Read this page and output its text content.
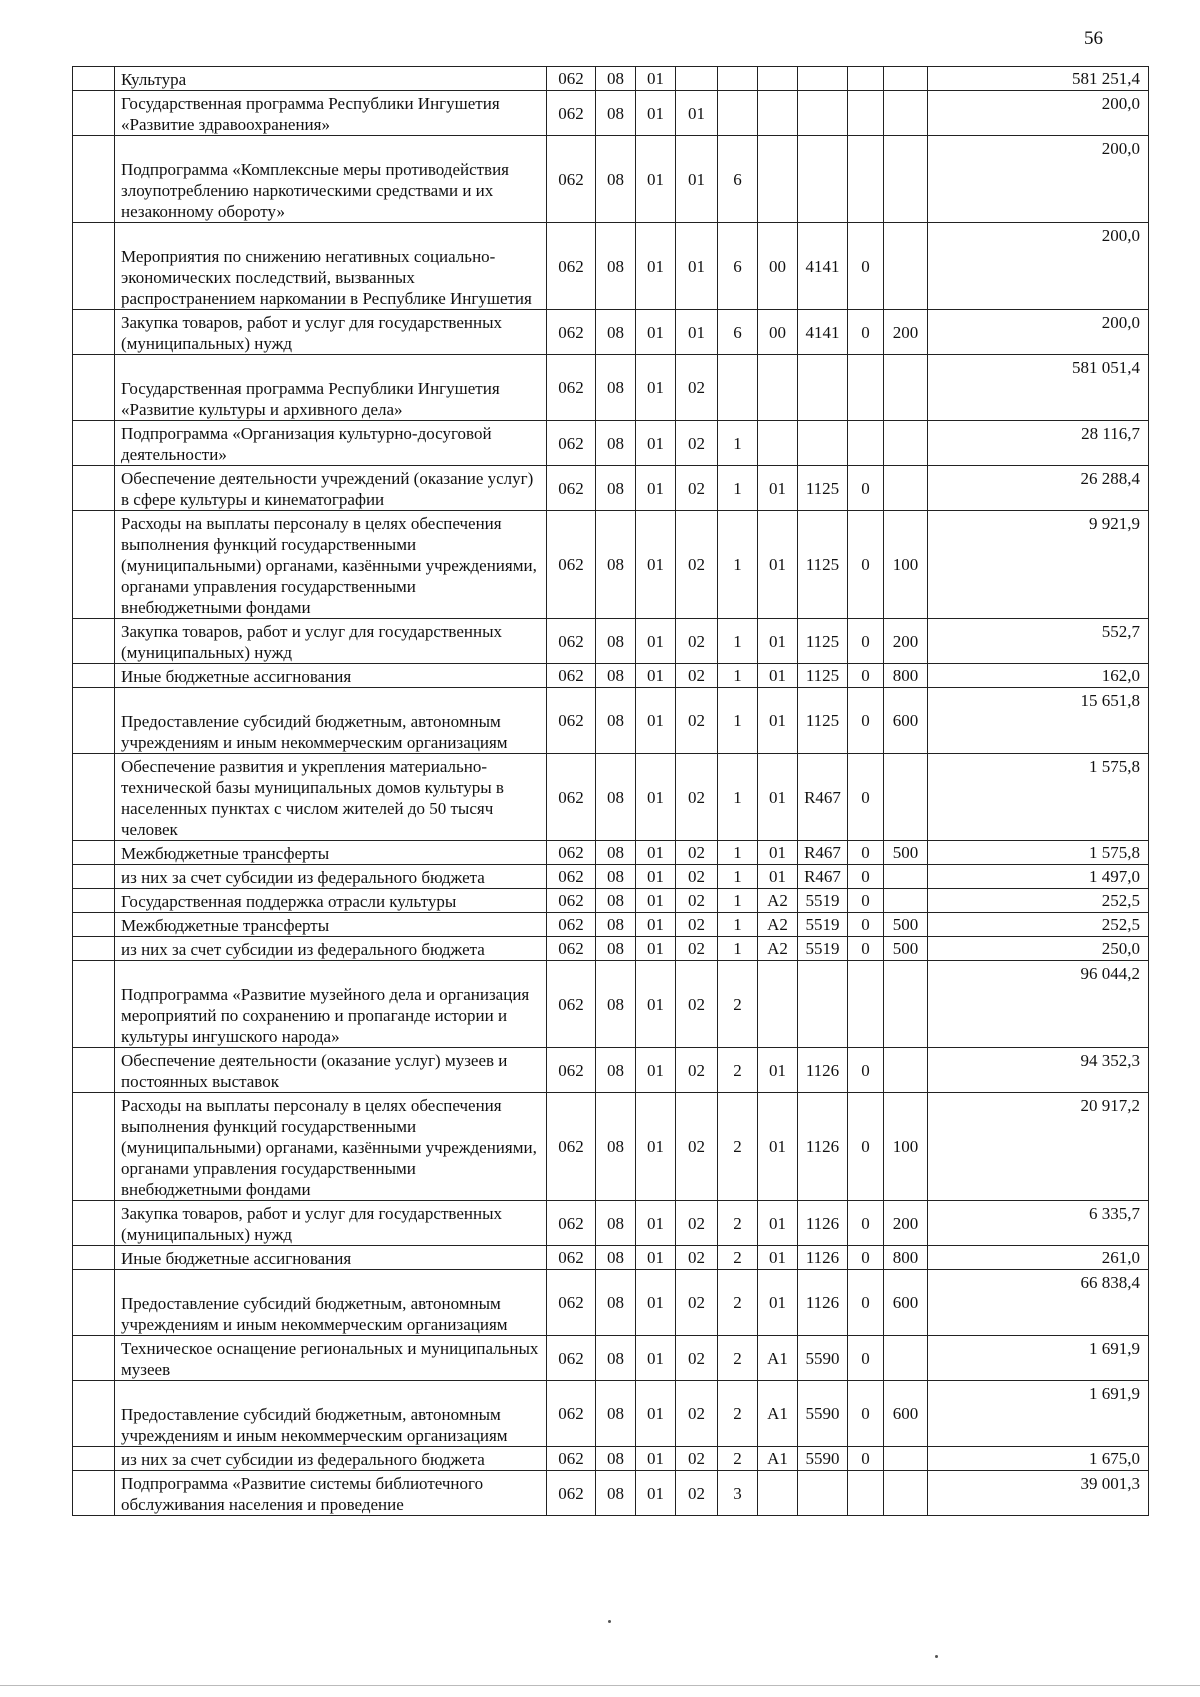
56
	Культура	062	08	01							581 251,4
	Государственная программа Республики Ингушетия «Развитие здравоохранения»	062	08	01	01						200,0
	Подпрограмма «Комплексные меры противодействия злоупотреблению наркотическими средствами и их незаконному обороту»	062	08	01	01	6					200,0
	Мероприятия по снижению негативных социально-экономических последствий, вызванных распространением наркомании в Республике Ингушетия	062	08	01	01	6	00	4141	0		200,0
	Закупка товаров, работ и услуг для государственных (муниципальных) нужд	062	08	01	01	6	00	4141	0	200	200,0
	Государственная программа Республики Ингушетия «Развитие культуры и архивного дела»	062	08	01	02						581 051,4
	Подпрограмма «Организация культурно-досуговой деятельности»	062	08	01	02	1					28 116,7
	Обеспечение деятельности учреждений (оказание услуг) в сфере культуры и кинематографии	062	08	01	02	1	01	1125	0		26 288,4
	Расходы на выплаты персоналу в целях обеспечения выполнения функций государственными (муниципальными) органами, казёнными учреждениями, органами управления государственными внебюджетными фондами	062	08	01	02	1	01	1125	0	100	9 921,9
	Закупка товаров, работ и услуг для государственных (муниципальных) нужд	062	08	01	02	1	01	1125	0	200	552,7
	Иные бюджетные ассигнования	062	08	01	02	1	01	1125	0	800	162,0
	Предоставление субсидий бюджетным, автономным учреждениям и иным некоммерческим организациям	062	08	01	02	1	01	1125	0	600	15 651,8
	Обеспечение развития и укрепления материально-технической базы муниципальных домов культуры в населенных пунктах с числом жителей до 50 тысяч человек	062	08	01	02	1	01	R467	0		1 575,8
	Межбюджетные трансферты	062	08	01	02	1	01	R467	0	500	1 575,8
	из них за счет субсидии из федерального бюджета	062	08	01	02	1	01	R467	0		1 497,0
	Государственная поддержка отрасли культуры	062	08	01	02	1	А2	5519	0		252,5
	Межбюджетные трансферты	062	08	01	02	1	А2	5519	0	500	252,5
	из них за счет субсидии из федерального бюджета	062	08	01	02	1	А2	5519	0	500	250,0
	Подпрограмма «Развитие музейного дела и организация мероприятий по сохранению и пропаганде истории и культуры ингушского народа»	062	08	01	02	2					96 044,2
	Обеспечение деятельности (оказание услуг) музеев и постоянных выставок	062	08	01	02	2	01	1126	0		94 352,3
	Расходы на выплаты персоналу в целях обеспечения выполнения функций государственными (муниципальными) органами, казёнными учреждениями, органами управления государственными внебюджетными фондами	062	08	01	02	2	01	1126	0	100	20 917,2
	Закупка товаров, работ и услуг для государственных (муниципальных) нужд	062	08	01	02	2	01	1126	0	200	6 335,7
	Иные бюджетные ассигнования	062	08	01	02	2	01	1126	0	800	261,0
	Предоставление субсидий бюджетным, автономным учреждениям и иным некоммерческим организациям	062	08	01	02	2	01	1126	0	600	66 838,4
	Техническое оснащение региональных и муниципальных музеев	062	08	01	02	2	А1	5590	0		1 691,9
	Предоставление субсидий бюджетным, автономным учреждениям и иным некоммерческим организациям	062	08	01	02	2	А1	5590	0	600	1 691,9
	из них за счет субсидии из федерального бюджета	062	08	01	02	2	А1	5590	0		1 675,0
	Подпрограмма «Развитие системы библиотечного обслуживания населения и проведение	062	08	01	02	3					39 001,3
